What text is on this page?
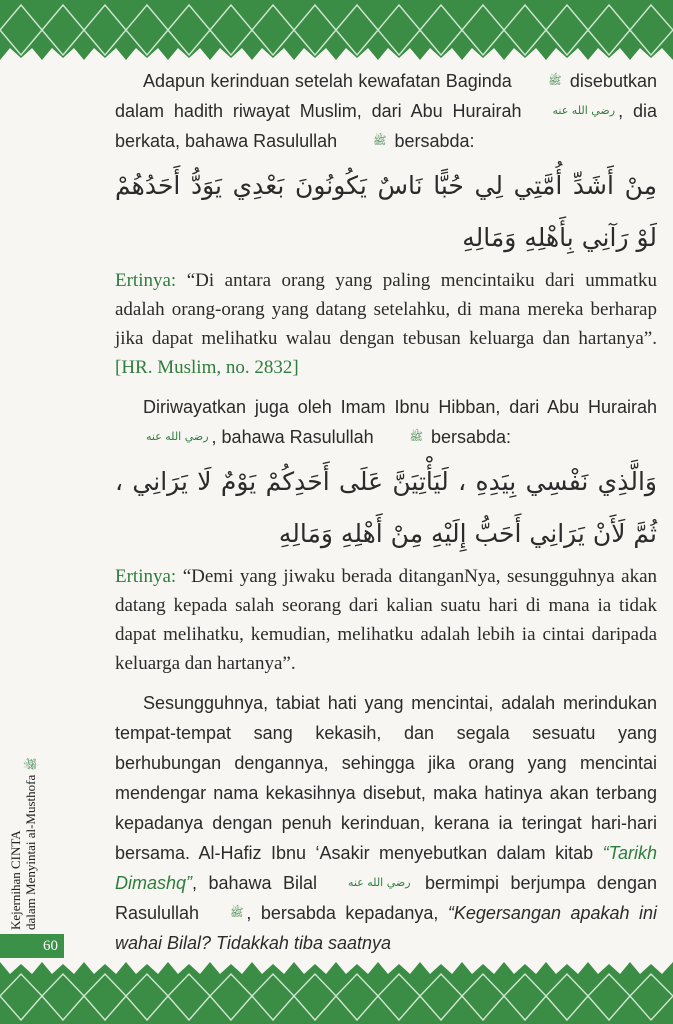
Kejernihan CINTA dalam Menyintai al-Musthofaﷺ
60

Adapun kerinduan setelah kewafatan Baginda	ﷺ disebutkan dalam hadith riwayat Muslim, dari Abu Hurairah	رضي الله عنه , dia berkata, bahawa Rasulullah	ﷺ bersabda:

مِنْ أَشَدِّ أُمَّتِي لِي حُبًّا نَاسٌ يَكُونُونَ بَعْدِي يَوَدُّ أَحَدُهُمْ لَوْ رَآنِي بِأَهْلِهِ وَمَالِهِ

Ertinya: “Di antara orang yang paling mencintaiku dari ummatku adalah orang-orang yang datang setelahku, di mana mereka berharap jika dapat melihatku walau dengan tebusan keluarga dan hartanya”. [HR. Muslim, no. 2832]

Diriwayatkan juga oleh Imam Ibnu Hibban, dari Abu Hurairahرضي الله عنه , bahawa Rasulullah	ﷺ bersabda:

وَالَّذِي نَفْسِي بِيَدِهِ ، لَيَأْتِيَنَّ عَلَى أَحَدِكُمْ يَوْمٌ لَا يَرَانِي ، ثُمَّ لَأَنْ يَرَانِي أَحَبُّ إِلَيْهِ مِنْ أَهْلِهِ وَمَالِهِ

Ertinya: “Demi yang jiwaku berada ditanganNya, sesungguhnya akan datang kepada salah seorang dari kalian suatu hari di mana ia tidak dapat melihatku, kemudian, melihatku adalah lebih ia cintai daripada keluarga dan hartanya”.

Sesungguhnya, tabiat hati yang mencintai, adalah merindukan tempat-tempat sang kekasih, dan segala sesuatu yang berhubungan dengannya, sehingga jika orang yang mencintai mendengar nama kekasihnya disebut, maka hatinya akan terbang kepadanya dengan penuh kerinduan, kerana ia teringat hari-hari bersama. Al-Hafiz Ibnu ‘Asakir menyebutkan dalam kitab “Tarikh Dimashq”, bahawa Bilal	رضي الله عنه bermimpi berjumpa dengan Rasulullah	ﷺ , bersabda kepadanya, “Kegersangan apakah ini wahai Bilal? Tidakkah tiba saatnya
